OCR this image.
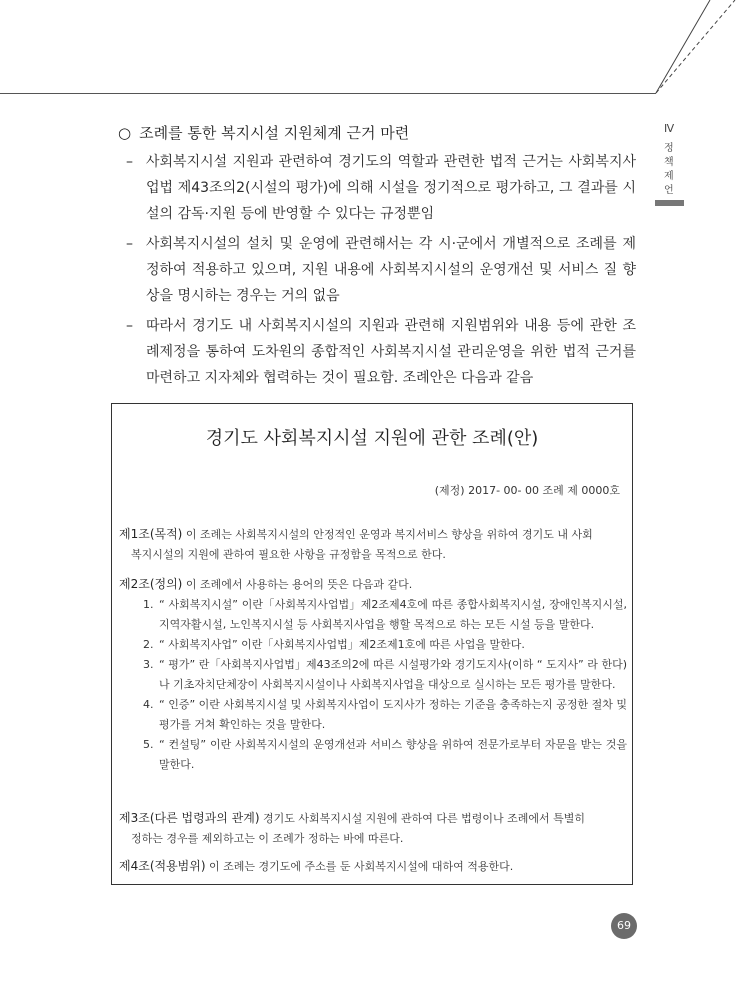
Ⅳ
정책제언
○ 조례를 통한 복지시설 지원체계 근거 마련
– 사회복지시설 지원과 관련하여 경기도의 역할과 관련한 법적 근거는 사회복지사업법 제43조의2(시설의 평가)에 의해 시설을 정기적으로 평가하고, 그 결과를 시설의 감독·지원 등에 반영할 수 있다는 규정뿐임
– 사회복지시설의 설치 및 운영에 관련해서는 각 시·군에서 개별적으로 조례를 제정하여 적용하고 있으며, 지원 내용에 사회복지시설의 운영개선 및 서비스 질 향상을 명시하는 경우는 거의 없음
– 따라서 경기도 내 사회복지시설의 지원과 관련해 지원범위와 내용 등에 관한 조례제정을 통하여 도차원의 종합적인 사회복지시설 관리운영을 위한 법적 근거를 마련하고 지자체와 협력하는 것이 필요함. 조례안은 다음과 같음
경기도 사회복지시설 지원에 관한 조례(안)
(제정) 2017- 00- 00 조례 제 0000호
제1조(목적) 이 조례는 사회복지시설의 안정적인 운영과 복지서비스 향상을 위하여 경기도 내 사회
복지시설의 지원에 관하여 필요한 사항을 규정함을 목적으로 한다.
제2조(정의) 이 조례에서 사용하는 용어의 뜻은 다음과 같다.
1. “ 사회복지시설” 이란「사회복지사업법」제2조제4호에 따른 종합사회복지시설, 장애인복지시설, 지역자활시설, 노인복지시설 등 사회복지사업을 행할 목적으로 하는 모든 시설 등을 말한다.
2. “ 사회복지사업” 이란「사회복지사업법」제2조제1호에 따른 사업을 말한다.
3. “ 평가” 란「사회복지사업법」제43조의2에 따른 시설평가와 경기도지사(이하 “ 도지사” 라 한다)나 기초자치단체장이 사회복지시설이나 사회복지사업을 대상으로 실시하는 모든 평가를 말한다.
4. “ 인증” 이란 사회복지시설 및 사회복지사업이 도지사가 정하는 기준을 충족하는지 공정한 절차 및 평가를 거쳐 확인하는 것을 말한다.
5. “ 컨설팅” 이란 사회복지시설의 운영개선과 서비스 향상을 위하여 전문가로부터 자문을 받는 것을 말한다.
제3조(다른 법령과의 관계) 경기도 사회복지시설 지원에 관하여 다른 법령이나 조례에서 특별히
정하는 경우를 제외하고는 이 조례가 정하는 바에 따른다.
제4조(적용범위) 이 조례는 경기도에 주소를 둔 사회복지시설에 대하여 적용한다.
69
